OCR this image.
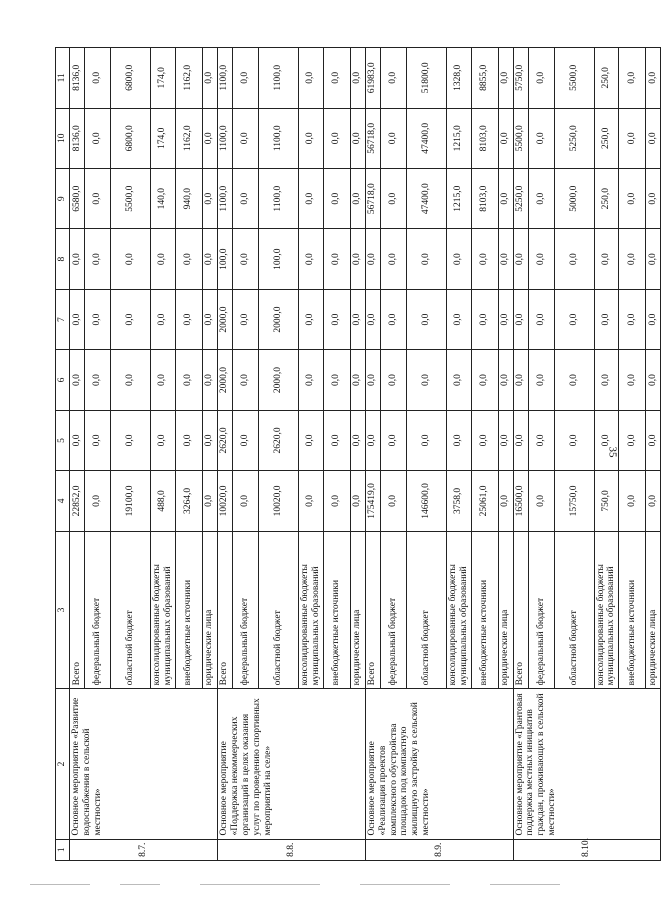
35
1	2	3	4	5	6	7	8	9	10	11
8.7.	Основное мероприятие «Развитие водоснабжения в сельской местности»	Всего	22852,0	0,0	0,0	0,0	0,0	6580,0	8136,0	8136,0
		федеральный бюджет	0,0	0,0	0,0	0,0	0,0	0,0	0,0	0,0
		областной бюджет	19100,0	0,0	0,0	0,0	0,0	5500,0	6800,0	6800,0
		консолидированные бюджеты муниципальных образований	488,0	0,0	0,0	0,0	0,0	140,0	174,0	174,0
		внебюджетные источники	3264,0	0,0	0,0	0,0	0,0	940,0	1162,0	1162,0
		юридические лица	0,0	0,0	0,0	0,0	0,0	0,0	0,0	0,0
8.8.	Основное мероприятие «Поддержка некоммерческих организаций в целях оказания услуг по проведению спортивных мероприятий на селе»	Всего	10020,0	2620,0	2000,0	2000,0	100,0	1100,0	1100,0	1100,0
		федеральный бюджет	0,0	0,0	0,0	0,0	0,0	0,0	0,0	0,0
		областной бюджет	10020,0	2620,0	2000,0	2000,0	100,0	1100,0	1100,0	1100,0
		консолидированные бюджеты муниципальных образований	0,0	0,0	0,0	0,0	0,0	0,0	0,0	0,0
		внебюджетные источники	0,0	0,0	0,0	0,0	0,0	0,0	0,0	0,0
		юридические лица	0,0	0,0	0,0	0,0	0,0	0,0	0,0	0,0
8.9.	Основное мероприятие «Реализация проектов комплексного обустройства площадок под компактную жилищную застройку в сельской местности»	Всего	175419,0	0,0	0,0	0,0	0,0	56718,0	56718,0	61983,0
		федеральный бюджет	0,0	0,0	0,0	0,0	0,0	0,0	0,0	0,0
		областной бюджет	146600,0	0,0	0,0	0,0	0,0	47400,0	47400,0	51800,0
		консолидированные бюджеты муниципальных образований	3758,0	0,0	0,0	0,0	0,0	1215,0	1215,0	1328,0
		внебюджетные источники	25061,0	0,0	0,0	0,0	0,0	8103,0	8103,0	8855,0
		юридические лица	0,0	0,0	0,0	0,0	0,0	0,0	0,0	0,0
8.10.	Основное мероприятие «Грантовая поддержка местных инициатив граждан, проживающих в сельской местности»	Всего	16500,0	0,0	0,0	0,0	0,0	5250,0	5500,0	5750,0
		федеральный бюджет	0,0	0,0	0,0	0,0	0,0	0,0	0,0	0,0
		областной бюджет	15750,0	0,0	0,0	0,0	0,0	5000,0	5250,0	5500,0
		консолидированные бюджеты муниципальных образований	750,0	0,0	0,0	0,0	0,0	250,0	250,0	250,0
		внебюджетные источники	0,0	0,0	0,0	0,0	0,0	0,0	0,0	0,0
		юридические лица	0,0	0,0	0,0	0,0	0,0	0,0	0,0	0,0
